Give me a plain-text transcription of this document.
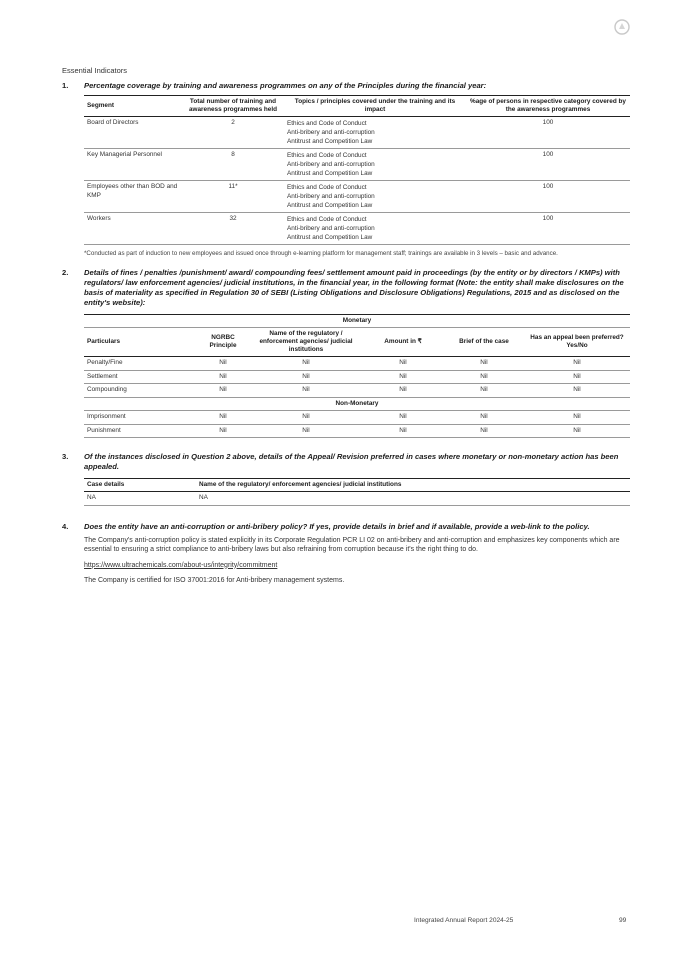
Essential Indicators
1.	Percentage coverage by training and awareness programmes on any of the Principles during the financial year:
Segment	Total number of training and awareness programmes held	Topics / principles covered under the training and its impact	%age of persons in respective category covered by the awareness programmes
Board of Directors	2	Ethics and Code of Conduct
Anti-bribery and anti-corruption
Antitrust and Competition Law	100
Key Managerial Personnel	8	Ethics and Code of Conduct
Anti-bribery and anti-corruption
Antitrust and Competition Law	100
Employees other than BOD and KMP	11*	Ethics and Code of Conduct
Anti-bribery and anti-corruption
Antitrust and Competition Law	100
Workers	32	Ethics and Code of Conduct
Anti-bribery and anti-corruption
Antitrust and Competition Law	100
*Conducted as part of induction to new employees and issued once through e-learning platform for management staff; trainings are available in 3 levels – basic and advance.
2.	Details of fines / penalties /punishment/ award/ compounding fees/ settlement amount paid in proceedings (by the entity or by directors / KMPs) with regulators/ law enforcement agencies/ judicial institutions, in the financial year, in the following format (Note: the entity shall make disclosures on the basis of materiality as specified in Regulation 30 of SEBI (Listing Obligations and Disclosure Obligations) Regulations, 2015 and as disclosed on the entity's website):
Monetary					
Particulars	NGRBC Principle	Name of the regulatory / enforcement agencies/ judicial institutions	Amount in ₹	Brief of the case	Has an appeal been preferred? Yes/No
Penalty/Fine	Nil	Nil	Nil	Nil	Nil
Settlement	Nil	Nil	Nil	Nil	Nil
Compounding	Nil	Nil	Nil	Nil	Nil
Non-Monetary					
Imprisonment	Nil	Nil	Nil	Nil	Nil
Punishment	Nil	Nil	Nil	Nil	Nil
3.	Of the instances disclosed in Question 2 above, details of the Appeal/ Revision preferred in cases where monetary or non-monetary action has been appealed.
Case details	Name of the regulatory/ enforcement agencies/ judicial institutions
NA	NA
4.	Does the entity have an anti-corruption or anti-bribery policy? If yes, provide details in brief and if available, provide a web-link to the policy.
The Company's anti-corruption policy is stated explicitly in its Corporate Regulation PCR LI 02 on anti-bribery and anti-corruption and emphasizes key components which are essential to ensuring a strict compliance to anti-bribery laws but also refraining from corruption because it's the right thing to do.
https://www.ultrachemicals.com/about-us/integrity/commitment
The Company is certified for ISO 37001:2016 for Anti-bribery management systems.
Integrated Annual Report 2024-25	99
